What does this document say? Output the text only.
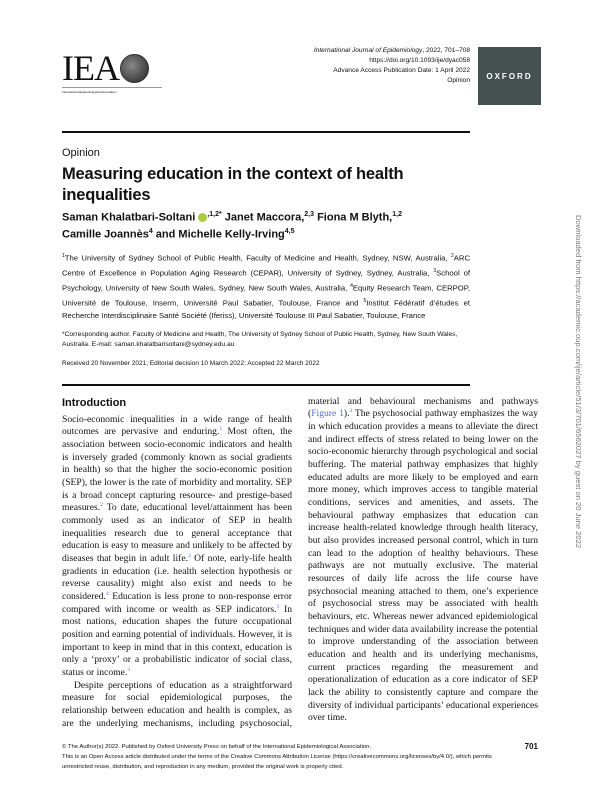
IEA
International Epidemiological Association
International Journal of Epidemiology, 2022, 701–708
https://doi.org/10.1093/ije/dyac058
Advance Access Publication Date: 1 April 2022
Opinion	OXFORD
Opinion
Measuring education in the context of health inequalities
Saman Khalatbari-Soltani $^{,1,2*}$ Janet Maccora,$^{2,3}$ Fiona M Blyth,$^{1,2}$
Camille Joannès$^4$ and Michelle Kelly-Irving$^{4,5}$
$^1$The University of Sydney School of Public Health, Faculty of Medicine and Health, Sydney, NSW, Australia, $^2$ARC Centre of Excellence in Population Aging Research (CEPAR), University of Sydney, Sydney, Australia, $^3$School of Psychology, University of New South Wales, Sydney, New South Wales, Australia, $^4$Equity Research Team, CERPOP, Université de Toulouse, Inserm, Université Paul Sabatier, Toulouse, France and $^5$Institut Fédératif d’études et Recherche Interdisciplinaire Santé Société (Iferiss), Université Toulouse III Paul Sabatier, Toulouse, France
*Corresponding author. Faculty of Medicine and Health, The University of Sydney School of Public Health, Sydney, New South Wales, Australia. E-mail: saman.khalatbarisoltani@sydney.edu.au
Received 20 November 2021; Editorial decision 10 March 2022; Accepted 22 March 2022
Introduction

Socio-economic inequalities in a wide range of health outcomes are pervasive and enduring.$^1$ Most often, the association between socio-economic indicators and health is inversely graded (commonly known as social gradients in health) so that the higher the socio-economic position (SEP), the lower is the rate of morbidity and mortality. SEP is a broad concept capturing resource- and prestige-based measures.$^2$ To date, educational level/attainment has been commonly used as an indicator of SEP in health inequalities research due to general acceptance that education is easy to measure and unlikely to be affected by diseases that begin in adult life.$^3$ Of note, early-life health gradients in education (i.e. health selection hypothesis or reverse causality) might also exist and needs to be considered.$^4$ Education is less prone to non-response error compared with income or wealth as SEP indicators.$^3$ In most nations, education shapes the future occupational position and earning potential of individuals. However, it is important to keep in mind that in this context, education is only a ‘proxy’ or a probabilistic indicator of social class, status or income.$^3$

Despite perceptions of education as a straightforward measure for social epidemiological purposes, the relationship between education and health is complex, as are the underlying mechanisms, including psychosocial, material and behavioural mechanisms and pathways (Figure 1).$^3$ The psychosocial pathway emphasizes the way in which education provides a means to alleviate the direct and indirect effects of stress related to being lower on the socio-economic hierarchy through psychological and social buffering. The material pathway emphasizes that highly educated adults are more likely to be employed and earn more money, which improves access to tangible material conditions, services and amenities, and assets. The behavioural pathway emphasizes that education can increase health-related knowledge through health literacy, but also provides increased personal control, which in turn can lead to the adoption of healthy behaviours. These pathways are not mutually exclusive. The material resources of daily life across the life course have psychosocial meaning attached to them, one’s experience of psychosocial stress may be associated with health behaviours, etc. Whereas newer advanced epidemiological techniques and wider data availability increase the potential to improve understanding of the association between education and health and its underlying mechanisms, current practices regarding the measurement and operationalization of education as a core indicator of SEP lack the ability to consistently capture and compare the diversity of individual participants’ educational experiences over time.

© The Author(s) 2022. Published by Oxford University Press on behalf of the International Epidemiological Association.
This is an Open Access article distributed under the terms of the Creative Commons Attribution License (https://creativecommons.org/licenses/by/4.0/), which permits unrestricted reuse, distribution, and reproduction in any medium, provided the original work is properly cited.
701
Downloaded from https://academic.oup.com/ije/article/51/3/701/6562027 by guest on 20 June 2022
